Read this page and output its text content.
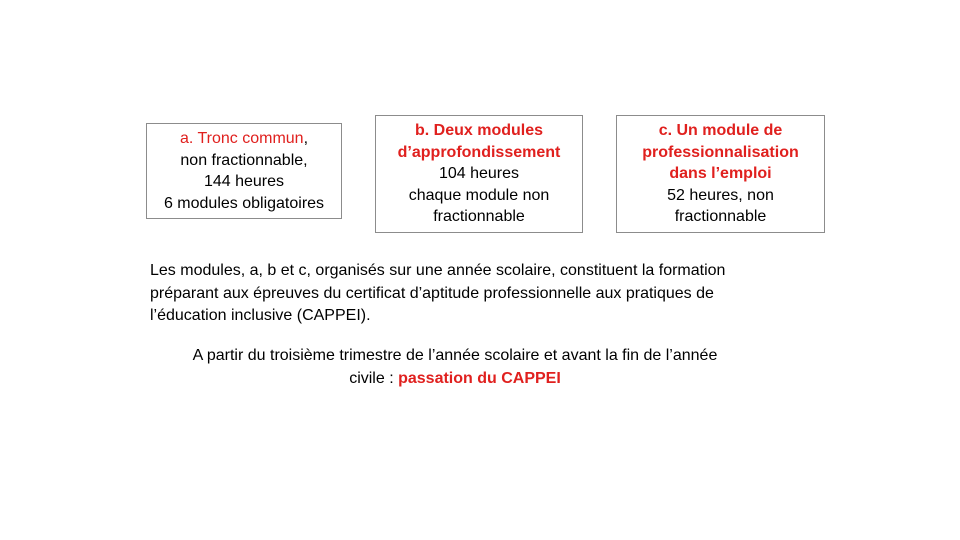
a. Tronc commun,
non fractionnable,
144 heures
6 modules obligatoires
b. Deux modules
d’approfondissement
104 heures
chaque module non
fractionnable
c. Un module de
professionnalisation
dans l’emploi
52 heures, non
fractionnable
Les modules, a, b et c, organisés sur une année scolaire, constituent la formation
préparant aux épreuves du certificat d’aptitude professionnelle aux pratiques de
l’éducation inclusive (CAPPEI).
A partir du troisième trimestre de l’année scolaire et avant la fin de l’année
civile : passation du CAPPEI
